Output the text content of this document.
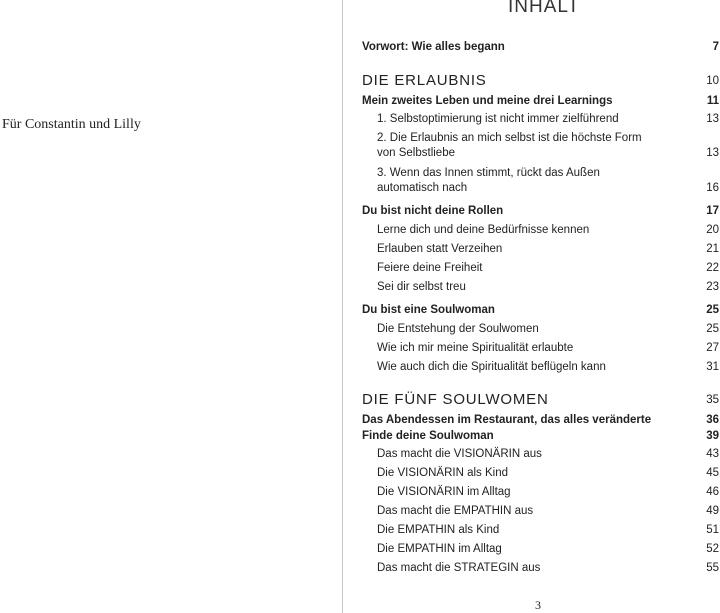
Für Constantin und Lilly
INHALT
Vorwort: Wie alles begann	7
DIE ERLAUBNIS	10
Mein zweites Leben und meine drei Learnings	11
1. Selbstoptimierung ist nicht immer zielführend	13
2. Die Erlaubnis an mich selbst ist die höchste Form
von Selbstliebe	13
3. Wenn das Innen stimmt, rückt das Außen
automatisch nach	16
Du bist nicht deine Rollen	17
Lerne dich und deine Bedürfnisse kennen	20
Erlauben statt Verzeihen	21
Feiere deine Freiheit	22
Sei dir selbst treu	23
Du bist eine Soulwoman	25
Die Entstehung der Soulwomen	25
Wie ich mir meine Spiritualität erlaubte	27
Wie auch dich die Spiritualität beflügeln kann	31
DIE FÜNF SOULWOMEN	35
Das Abendessen im Restaurant, das alles veränderte	36
Finde deine Soulwoman	39
Das macht die VISIONÄRIN aus	43
Die VISIONÄRIN als Kind	45
Die VISIONÄRIN im Alltag	46
Das macht die EMPATHIN aus	49
Die EMPATHIN als Kind	51
Die EMPATHIN im Alltag	52
Das macht die STRATEGIN aus	55
3
